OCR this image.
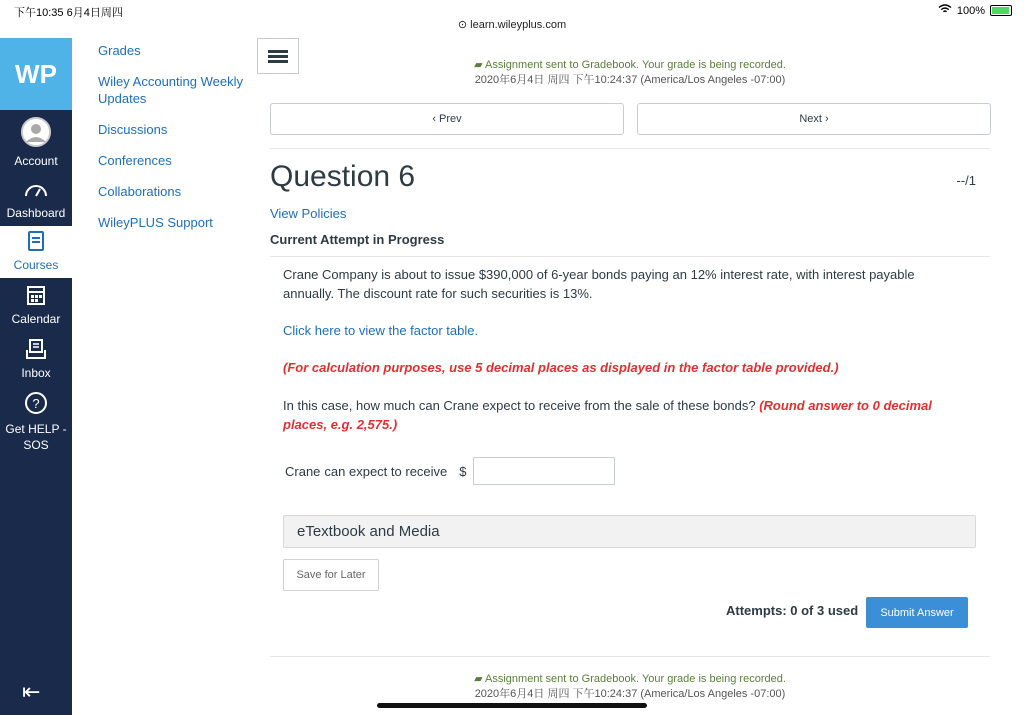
下午10:35 6月4日周四	100%
⊙ learn.wileyplus.com
WP
Account
Dashboard
Courses
Calendar
Inbox
?
Get HELP - SOS
⇤
Grades
Wiley Accounting Weekly Updates
Discussions
Conferences
Collaborations
WileyPLUS Support
▰ Assignment sent to Gradebook. Your grade is being recorded.
2020年6月4日 周四 下午10:24:37 (America/Los Angeles -07:00)
‹ Prev	Next ›
Question 6	--/1
View Policies
Current Attempt in Progress
Crane Company is about to issue $390,000 of 6-year bonds paying an 12% interest rate, with interest payable annually. The discount rate for such securities is 13%.
Click here to view the factor table.
(For calculation purposes, use 5 decimal places as displayed in the factor table provided.)
In this case, how much can Crane expect to receive from the sale of these bonds? (Round answer to 0 decimal places, e.g. 2,575.)
Crane can expect to receive $
eTextbook and Media
Save for Later
Attempts: 0 of 3 used	Submit Answer
▰ Assignment sent to Gradebook. Your grade is being recorded.
2020年6月4日 周四 下午10:24:37 (America/Los Angeles -07:00)
